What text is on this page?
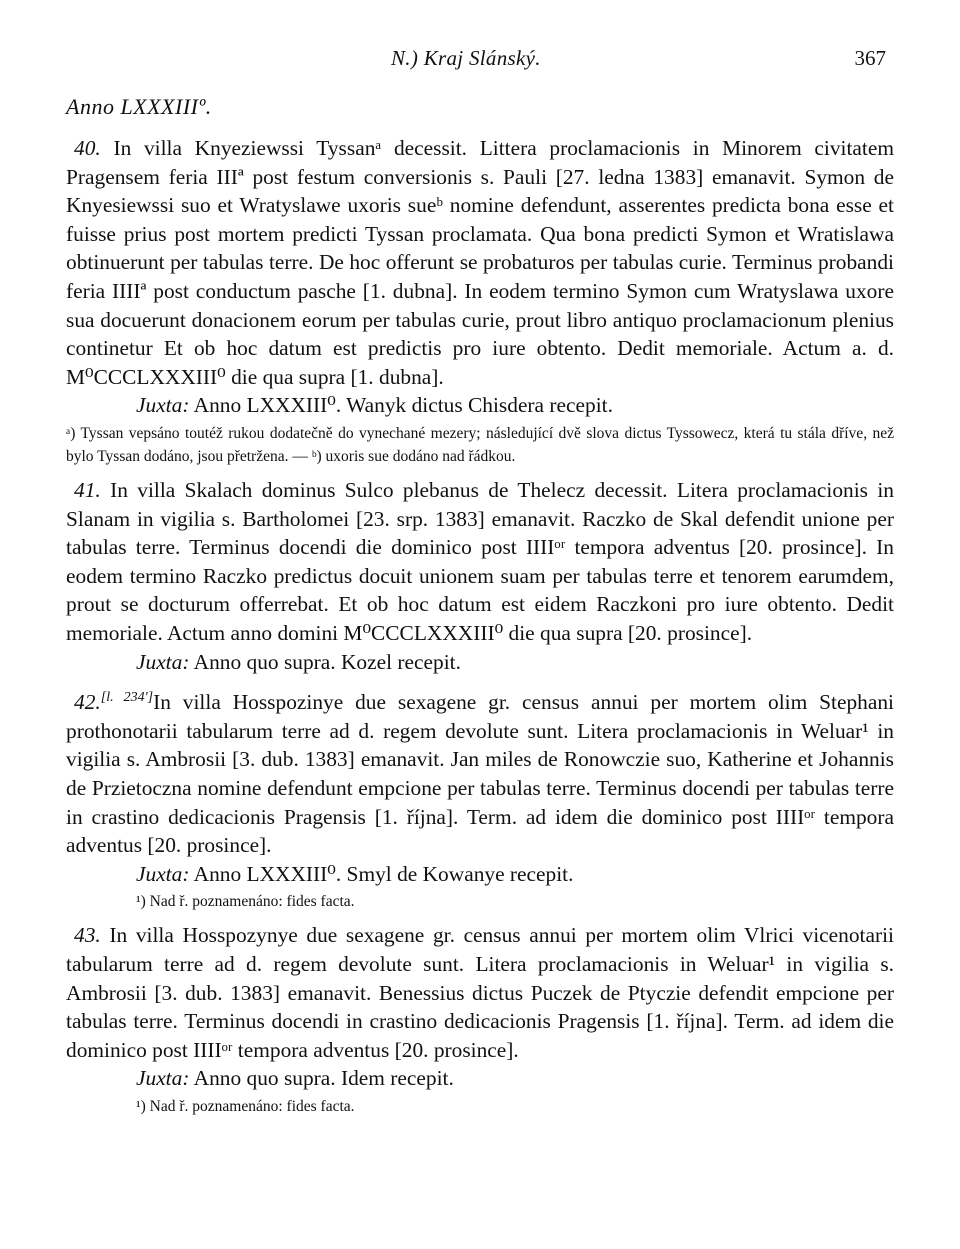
N.) Kraj Slánský.	367
Anno LXXXIIIº.

40. In villa Knyeziewssi Tyssanᵃ decessit. Littera proclamacionis in Minorem civitatem Pragensem feria IIIª post festum conversionis s. Pauli [27. ledna 1383] emanavit. Symon de Knyesiewssi suo et Wratyslawe uxoris sueᵇ nomine defendunt, asserentes predicta bona esse et fuisse prius post mortem predicti Tyssan proclamata. Qua bona predicti Symon et Wratislawa obtinuerunt per tabulas terre. De hoc offerunt se probaturos per tabulas curie. Terminus probandi feria IIIIª post conductum pasche [1. dubna]. In eodem termino Symon cum Wratyslawa uxore sua docuerunt donacionem eorum per tabulas curie, prout libro antiquo proclamacionum plenius continetur Et ob hoc datum est predictis pro iure obtento. Dedit memoriale. Actum a. d. M⁰CCCLXXXIII⁰ die qua supra [1. dubna].

Juxta: Anno LXXXIII⁰. Wanyk dictus Chisdera recepit.
ᵃ) Tyssan vepsáno toutéž rukou dodatečně do vynechané mezery; následující dvě slova dictus Tyssowecz, která tu stála dříve, než bylo Tyssan dodáno, jsou přetržena. — ᵇ) uxoris sue dodáno nad řádkou.

41. In villa Skalach dominus Sulco plebanus de Thelecz decessit. Litera proclamacionis in Slanam in vigilia s. Bartholomei [23. srp. 1383] emanavit. Raczko de Skal defendit unione per tabulas terre. Terminus docendi die dominico post IIIIᵒʳ tempora adventus [20. prosince]. In eodem termino Raczko predictus docuit unionem suam per tabulas terre et tenorem earumdem, prout se docturum offerrebat. Et ob hoc datum est eidem Raczkoni pro iure obtento. Dedit memoriale. Actum anno domini M⁰CCCLXXXIII⁰ die qua supra [20. prosince].

Juxta: Anno quo supra. Kozel recepit.

42.[l. 234']In villa Hosspozinye due sexagene gr. census annui per mortem olim Stephani prothonotarii tabularum terre ad d. regem devolute sunt. Litera proclamacionis in Weluar¹ in vigilia s. Ambrosii [3. dub. 1383] emanavit. Jan miles de Ronowczie suo, Katherine et Johannis de Przietoczna nomine defendunt empcione per tabulas terre. Terminus docendi per tabulas terre in crastino dedicacionis Pragensis [1. října]. Term. ad idem die dominico post IIIIᵒʳ tempora adventus [20. prosince].

Juxta: Anno LXXXIII⁰. Smyl de Kowanye recepit.
¹) Nad ř. poznamenáno: fides facta.

43. In villa Hosspozynye due sexagene gr. census annui per mortem olim Vlrici vicenotarii tabularum terre ad d. regem devolute sunt. Litera proclamacionis in Weluar¹ in vigilia s. Ambrosii [3. dub. 1383] emanavit. Benessius dictus Puczek de Ptyczie defendit empcione per tabulas terre. Terminus docendi in crastino dedicacionis Pragensis [1. října]. Term. ad idem die dominico post IIIIᵒʳ tempora adventus [20. prosince].

Juxta: Anno quo supra. Idem recepit.
¹) Nad ř. poznamenáno: fides facta.
